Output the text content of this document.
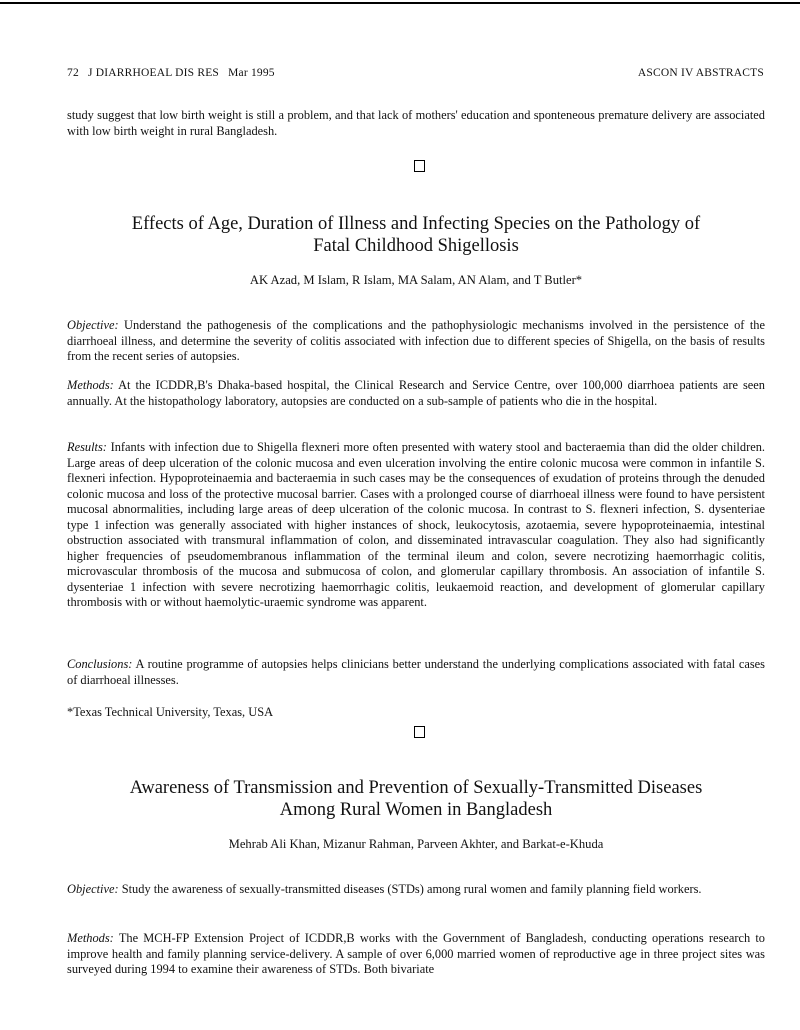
72 J DIARRHOEAL DIS RES Mar 1995	ASCON IV ABSTRACTS

study suggest that low birth weight is still a problem, and that lack of mothers' education and sponteneous premature delivery are associated with low birth weight in rural Bangladesh.

Effects of Age, Duration of Illness and Infecting Species on the Pathology of
Fatal Childhood Shigellosis

AK Azad, M Islam, R Islam, MA Salam, AN Alam, and T Butler*

Objective: Understand the pathogenesis of the complications and the pathophysiologic mechanisms involved in the persistence of the diarrhoeal illness, and determine the severity of colitis associated with infection due to different species of Shigella, on the basis of results from the recent series of autopsies.

Methods: At the ICDDR,B's Dhaka-based hospital, the Clinical Research and Service Centre, over 100,000 diarrhoea patients are seen annually. At the histopathology laboratory, autopsies are conducted on a sub-sample of patients who die in the hospital.

Results: Infants with infection due to Shigella flexneri more often presented with watery stool and bacteraemia than did the older children. Large areas of deep ulceration of the colonic mucosa and even ulceration involving the entire colonic mucosa were common in infantile S. flexneri infection. Hypoproteinaemia and bacteraemia in such cases may be the consequences of exudation of proteins through the denuded colonic mucosa and loss of the protective mucosal barrier. Cases with a prolonged course of diarrhoeal illness were found to have persistent mucosal abnormalities, including large areas of deep ulceration of the colonic mucosa. In contrast to S. flexneri infection, S. dysenteriae type 1 infection was generally associated with higher instances of shock, leukocytosis, azotaemia, severe hypoproteinaemia, intestinal obstruction associated with transmural inflammation of colon, and disseminated intravascular coagulation. They also had significantly higher frequencies of pseudomembranous inflammation of the terminal ileum and colon, severe necrotizing haemorrhagic colitis, microvascular thrombosis of the mucosa and submucosa of colon, and glomerular capillary thrombosis. An association of infantile S. dysenteriae 1 infection with severe necrotizing haemorrhagic colitis, leukaemoid reaction, and development of glomerular capillary thrombosis with or without haemolytic-uraemic syndrome was apparent.

Conclusions: A routine programme of autopsies helps clinicians better understand the underlying complications associated with fatal cases of diarrhoeal illnesses.

*Texas Technical University, Texas, USA

Awareness of Transmission and Prevention of Sexually-Transmitted Diseases
Among Rural Women in Bangladesh

Mehrab Ali Khan, Mizanur Rahman, Parveen Akhter, and Barkat-e-Khuda

Objective: Study the awareness of sexually-transmitted diseases (STDs) among rural women and family planning field workers.

Methods: The MCH-FP Extension Project of ICDDR,B works with the Government of Bangladesh, conducting operations research to improve health and family planning service-delivery. A sample of over 6,000 married women of reproductive age in three project sites was surveyed during 1994 to examine their awareness of STDs. Both bivariate
